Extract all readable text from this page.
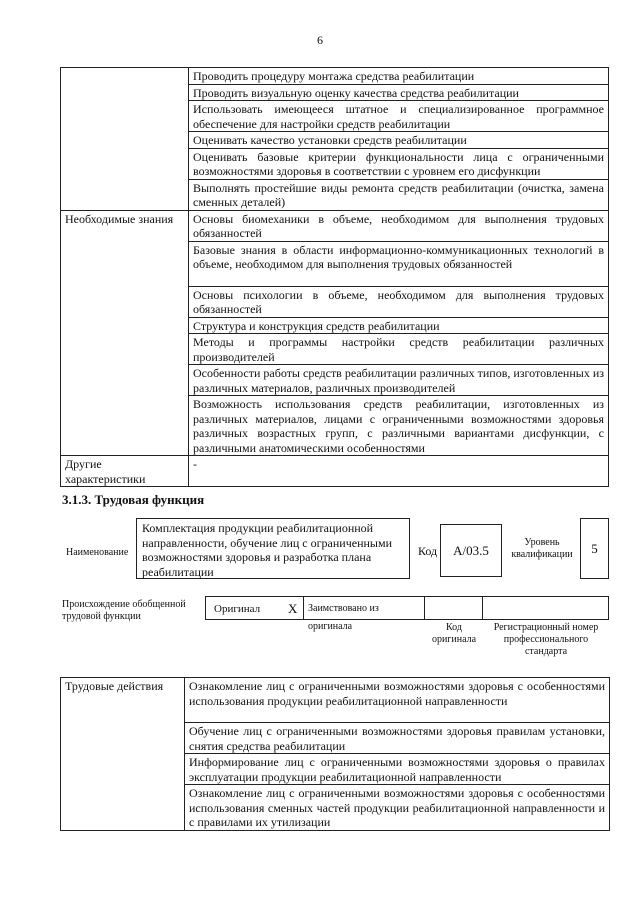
6
	Проводить процедуру монтажа средства реабилитации
	Проводить визуальную оценку качества средства реабилитации
	Использовать имеющееся штатное и специализированное программное обеспечение для настройки средств реабилитации
	Оценивать качество установки средств реабилитации
	Оценивать базовые критерии функциональности лица с ограниченными возможностями здоровья в соответствии с уровнем его дисфункции
	Выполнять простейшие виды ремонта средств реабилитации (очистка, замена сменных деталей)
Необходимые знания	Основы биомеханики в объеме, необходимом для выполнения трудовых обязанностей
	Базовые знания в области информационно-коммуникационных технологий в объеме, необходимом для выполнения трудовых обязанностей
	Основы психологии в объеме, необходимом для выполнения трудовых обязанностей
	Структура и конструкция средств реабилитации
	Методы и программы настройки средств реабилитации различных производителей
	Особенности работы средств реабилитации различных типов, изготовленных из различных материалов, различных производителей
	Возможность использования средств реабилитации, изготовленных из различных материалов, лицами с ограниченными возможностями здоровья различных возрастных групп, с различными вариантами дисфункции, с различными анатомическими особенностями
Другие характеристики	-
3.1.3. Трудовая функция
Наименование
Комплектация продукции реабилитационной направленности, обучение лиц с ограниченными возможностями здоровья и разработка плана реабилитации
Код	А/03.5
Уровень квалификации	5
Происхождение обобщенной трудовой функции
Оригинал X	Заимствовано из оригинала	Код оригинала
Регистрационный номер профессионального стандарта
Трудовые действия	Ознакомление лиц с ограниченными возможностями здоровья с особенностями использования продукции реабилитационной направленности
Обучение лиц с ограниченными возможностями здоровья правилам установки, снятия средства реабилитации
Информирование лиц с ограниченными возможностями здоровья о правилах эксплуатации продукции реабилитационной направленности
Ознакомление лиц с ограниченными возможностями здоровья с особенностями использования сменных частей продукции реабилитационной направленности и с правилами их утилизации
